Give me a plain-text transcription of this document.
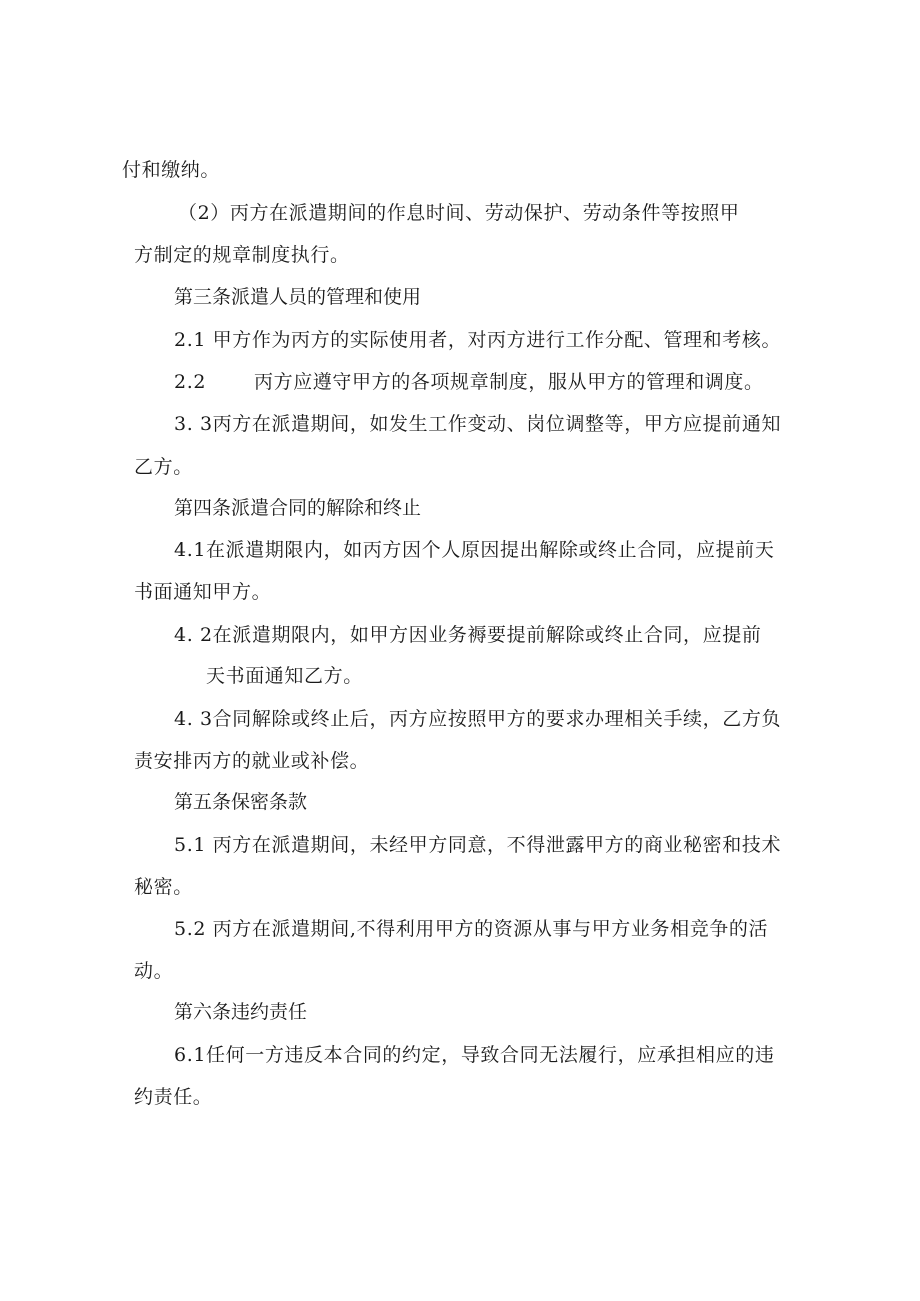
付和缴纳。
（2）丙方在派遣期间的作息时间、劳动保护、劳动条件等按照甲
方制定的规章制度执行。
第三条派遣人员的管理和使用
2.1 甲方作为丙方的实际使用者，对丙方进行工作分配、管理和考核。
2.2	丙方应遵守甲方的各项规章制度，服从甲方的管理和调度。
3. 3丙方在派遣期间，如发生工作变动、岗位调整等，甲方应提前通知
乙方。
第四条派遣合同的解除和终止
4.1在派遣期限内，如丙方因个人原因提出解除或终止合同，应提前天
书面通知甲方。
4. 2在派遣期限内，如甲方因业务褥要提前解除或终止合同，应提前
天书面通知乙方。
4. 3合同解除或终止后，丙方应按照甲方的要求办理相关手续，乙方负
责安排丙方的就业或补偿。
第五条保密条款
5.1 丙方在派遣期间，未经甲方同意，不得泄露甲方的商业秘密和技术
秘密。
5.2 丙方在派遣期间,不得利用甲方的资源从事与甲方业务相竞争的活
动。
第六条违约责任
6.1任何一方违反本合同的约定，导致合同无法履行，应承担相应的违
约责任。
